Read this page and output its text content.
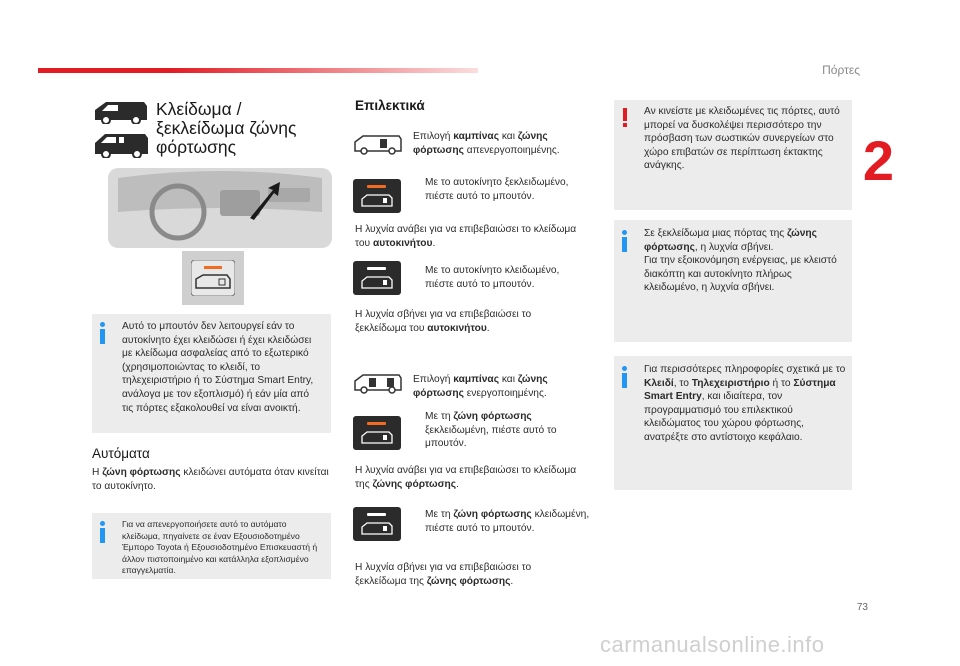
Πόρτες
2
Κλείδωμα / ξεκλείδωμα ζώνης φόρτωσης
Αυτό το μπουτόν δεν λειτουργεί εάν το αυτοκίνητο έχει κλειδώσει ή έχει κλειδώσει με κλείδωμα ασφαλείας από το εξωτερικό (χρησιμοποιώντας το κλειδί, το τηλεχειριστήριο ή το Σύστημα Smart Entry, ανάλογα με τον εξοπλισμό) ή εάν μία από τις πόρτες εξακολουθεί να είναι ανοικτή.
Αυτόματα
Η ζώνη φόρτωσης κλειδώνει αυτόματα όταν κινείται το αυτοκίνητο.
Για να απενεργοποιήσετε αυτό το αυτόματο κλείδωμα, πηγαίνετε σε έναν Εξουσιοδοτημένο Έμπορο Toyota ή Εξουσιοδοτημένο Επισκευαστή ή άλλον πιστοποιημένο και κατάλληλα εξοπλισμένο επαγγελματία.
Επιλεκτικά
Επιλογή καμπίνας και ζώνης φόρτωσης απενεργοποιημένης.
Με το αυτοκίνητο ξεκλειδωμένο, πιέστε αυτό το μπουτόν.
Η λυχνία ανάβει για να επιβεβαιώσει το κλείδωμα του αυτοκινήτου.
Με το αυτοκίνητο κλειδωμένο, πιέστε αυτό το μπουτόν.
Η λυχνία σβήνει για να επιβεβαιώσει το ξεκλείδωμα του αυτοκινήτου.
Επιλογή καμπίνας και ζώνης φόρτωσης ενεργοποιημένης.
Με τη ζώνη φόρτωσης ξεκλειδωμένη, πιέστε αυτό το μπουτόν.
Η λυχνία ανάβει για να επιβεβαιώσει το κλείδωμα της ζώνης φόρτωσης.
Με τη ζώνη φόρτωσης κλειδωμένη, πιέστε αυτό το μπουτόν.
Η λυχνία σβήνει για να επιβεβαιώσει το ξεκλείδωμα της ζώνης φόρτωσης.
Αν κινείστε με κλειδωμένες τις πόρτες, αυτό μπορεί να δυσκολέψει περισσότερο την πρόσβαση των σωστικών συνεργείων στο χώρο επιβατών σε περίπτωση έκτακτης ανάγκης.
Σε ξεκλείδωμα μιας πόρτας της ζώνης φόρτωσης, η λυχνία σβήνει.
Για την εξοικονόμηση ενέργειας, με κλειστό διακόπτη και αυτοκίνητο πλήρως κλειδωμένο, η λυχνία σβήνει.
Για περισσότερες πληροφορίες σχετικά με το Κλειδί, το Τηλεχειριστήριο ή το Σύστημα Smart Entry, και ιδιαίτερα, τον προγραμματισμό του επιλεκτικού κλειδώματος του χώρου φόρτωσης, ανατρέξτε στο αντίστοιχο κεφάλαιο.
73
carmanualsonline.info
